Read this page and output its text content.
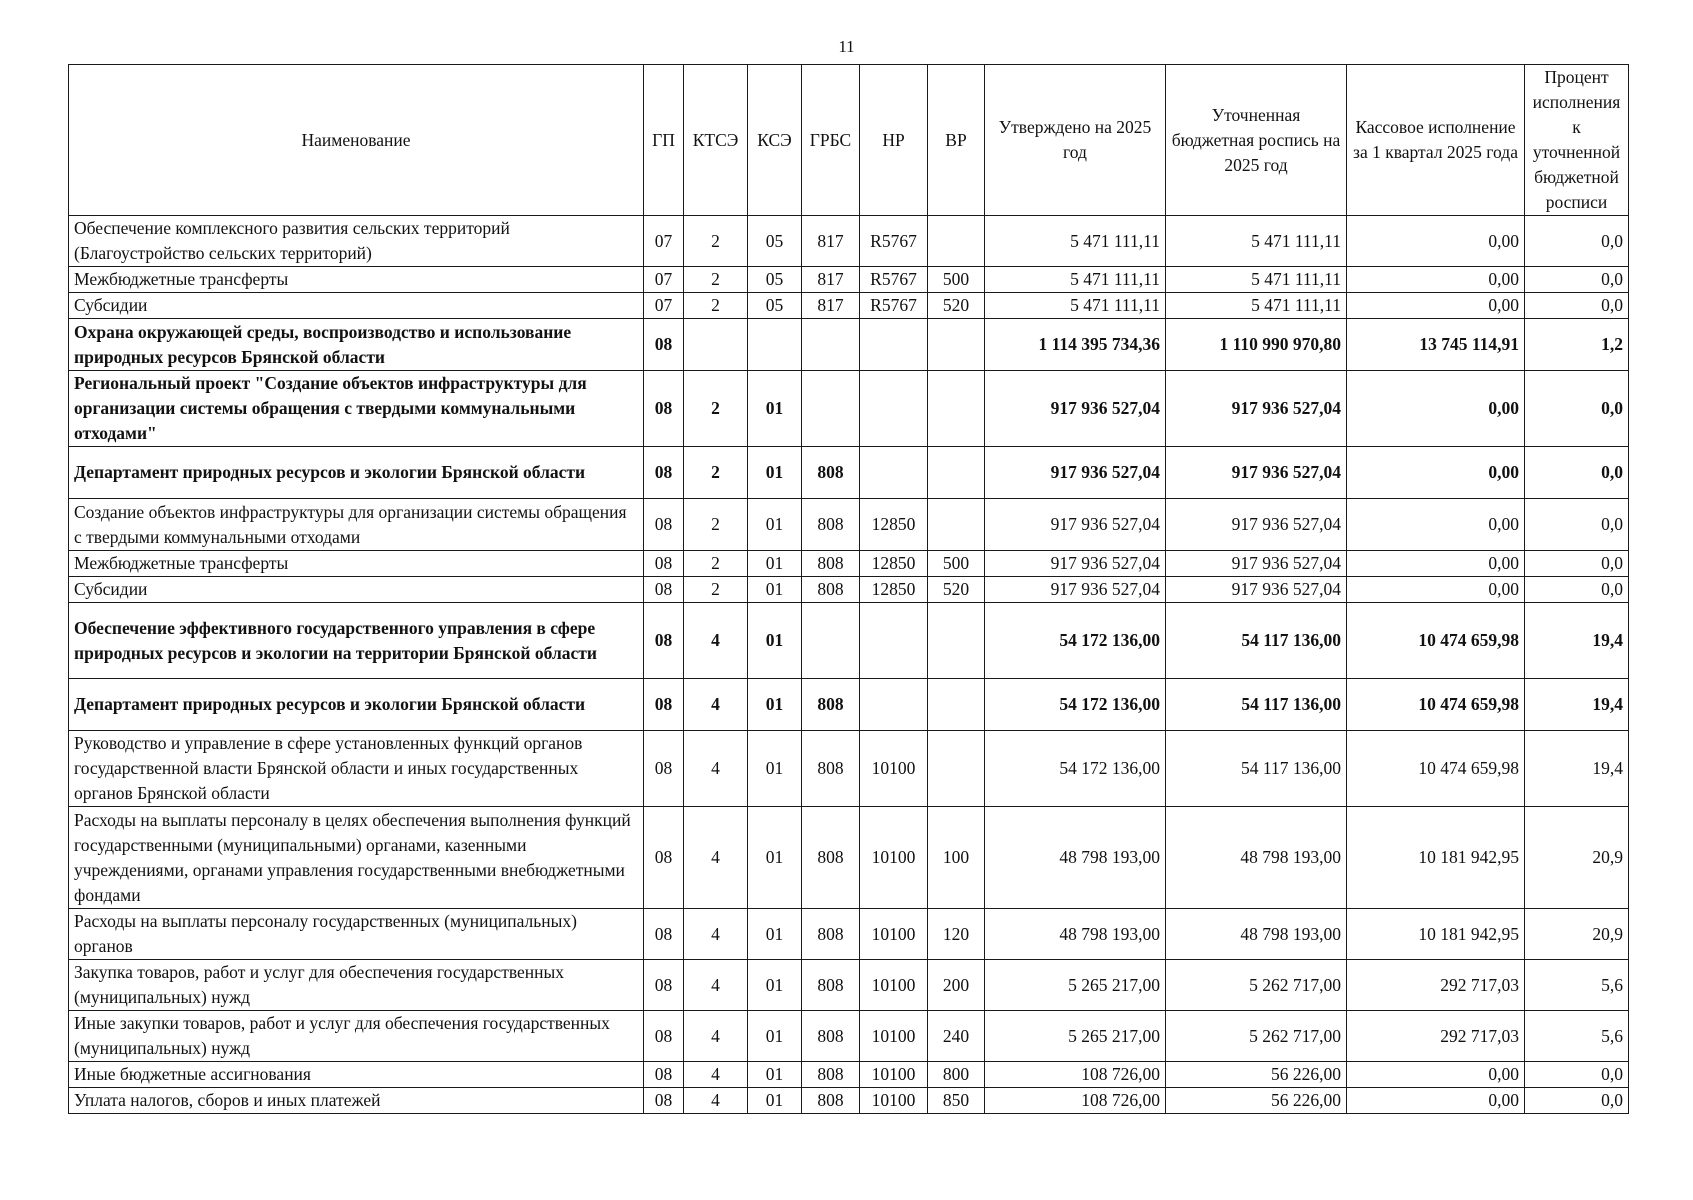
11
Наименование	ГП	КТСЭ	КСЭ	ГРБС	НР	ВР	Утверждено на 2025 год	Уточненная бюджетная роспись на 2025 год	Кассовое исполнение за 1 квартал 2025 года	Процент исполнения к уточненной бюджетной росписи
Обеспечение комплексного развития сельских территорий (Благоустройство сельских территорий)	07	2	05	817	R5767		5 471 111,11	5 471 111,11	0,00	0,0
Межбюджетные трансферты	07	2	05	817	R5767	500	5 471 111,11	5 471 111,11	0,00	0,0
Субсидии	07	2	05	817	R5767	520	5 471 111,11	5 471 111,11	0,00	0,0
Охрана окружающей среды, воспроизводство и использование природных ресурсов Брянской области	08						1 114 395 734,36	1 110 990 970,80	13 745 114,91	1,2
Региональный проект "Создание объектов инфраструктуры для организации системы обращения с твердыми коммунальными отходами"	08	2	01				917 936 527,04	917 936 527,04	0,00	0,0
Департамент природных ресурсов и экологии Брянской области	08	2	01	808			917 936 527,04	917 936 527,04	0,00	0,0
Создание объектов инфраструктуры для организации системы обращения с твердыми коммунальными отходами	08	2	01	808	12850		917 936 527,04	917 936 527,04	0,00	0,0
Межбюджетные трансферты	08	2	01	808	12850	500	917 936 527,04	917 936 527,04	0,00	0,0
Субсидии	08	2	01	808	12850	520	917 936 527,04	917 936 527,04	0,00	0,0
Обеспечение эффективного государственного управления в сфере природных ресурсов и экологии на территории Брянской области	08	4	01				54 172 136,00	54 117 136,00	10 474 659,98	19,4
Департамент природных ресурсов и экологии Брянской области	08	4	01	808			54 172 136,00	54 117 136,00	10 474 659,98	19,4
Руководство и управление в сфере установленных функций органов государственной власти Брянской области и иных государственных органов Брянской области	08	4	01	808	10100		54 172 136,00	54 117 136,00	10 474 659,98	19,4
Расходы на выплаты персоналу в целях обеспечения выполнения функций государственными (муниципальными) органами, казенными учреждениями, органами управления государственными внебюджетными фондами	08	4	01	808	10100	100	48 798 193,00	48 798 193,00	10 181 942,95	20,9
Расходы на выплаты персоналу государственных (муниципальных) органов	08	4	01	808	10100	120	48 798 193,00	48 798 193,00	10 181 942,95	20,9
Закупка товаров, работ и услуг для обеспечения государственных (муниципальных) нужд	08	4	01	808	10100	200	5 265 217,00	5 262 717,00	292 717,03	5,6
Иные закупки товаров, работ и услуг для обеспечения государственных (муниципальных) нужд	08	4	01	808	10100	240	5 265 217,00	5 262 717,00	292 717,03	5,6
Иные бюджетные ассигнования	08	4	01	808	10100	800	108 726,00	56 226,00	0,00	0,0
Уплата налогов, сборов и иных платежей	08	4	01	808	10100	850	108 726,00	56 226,00	0,00	0,0
